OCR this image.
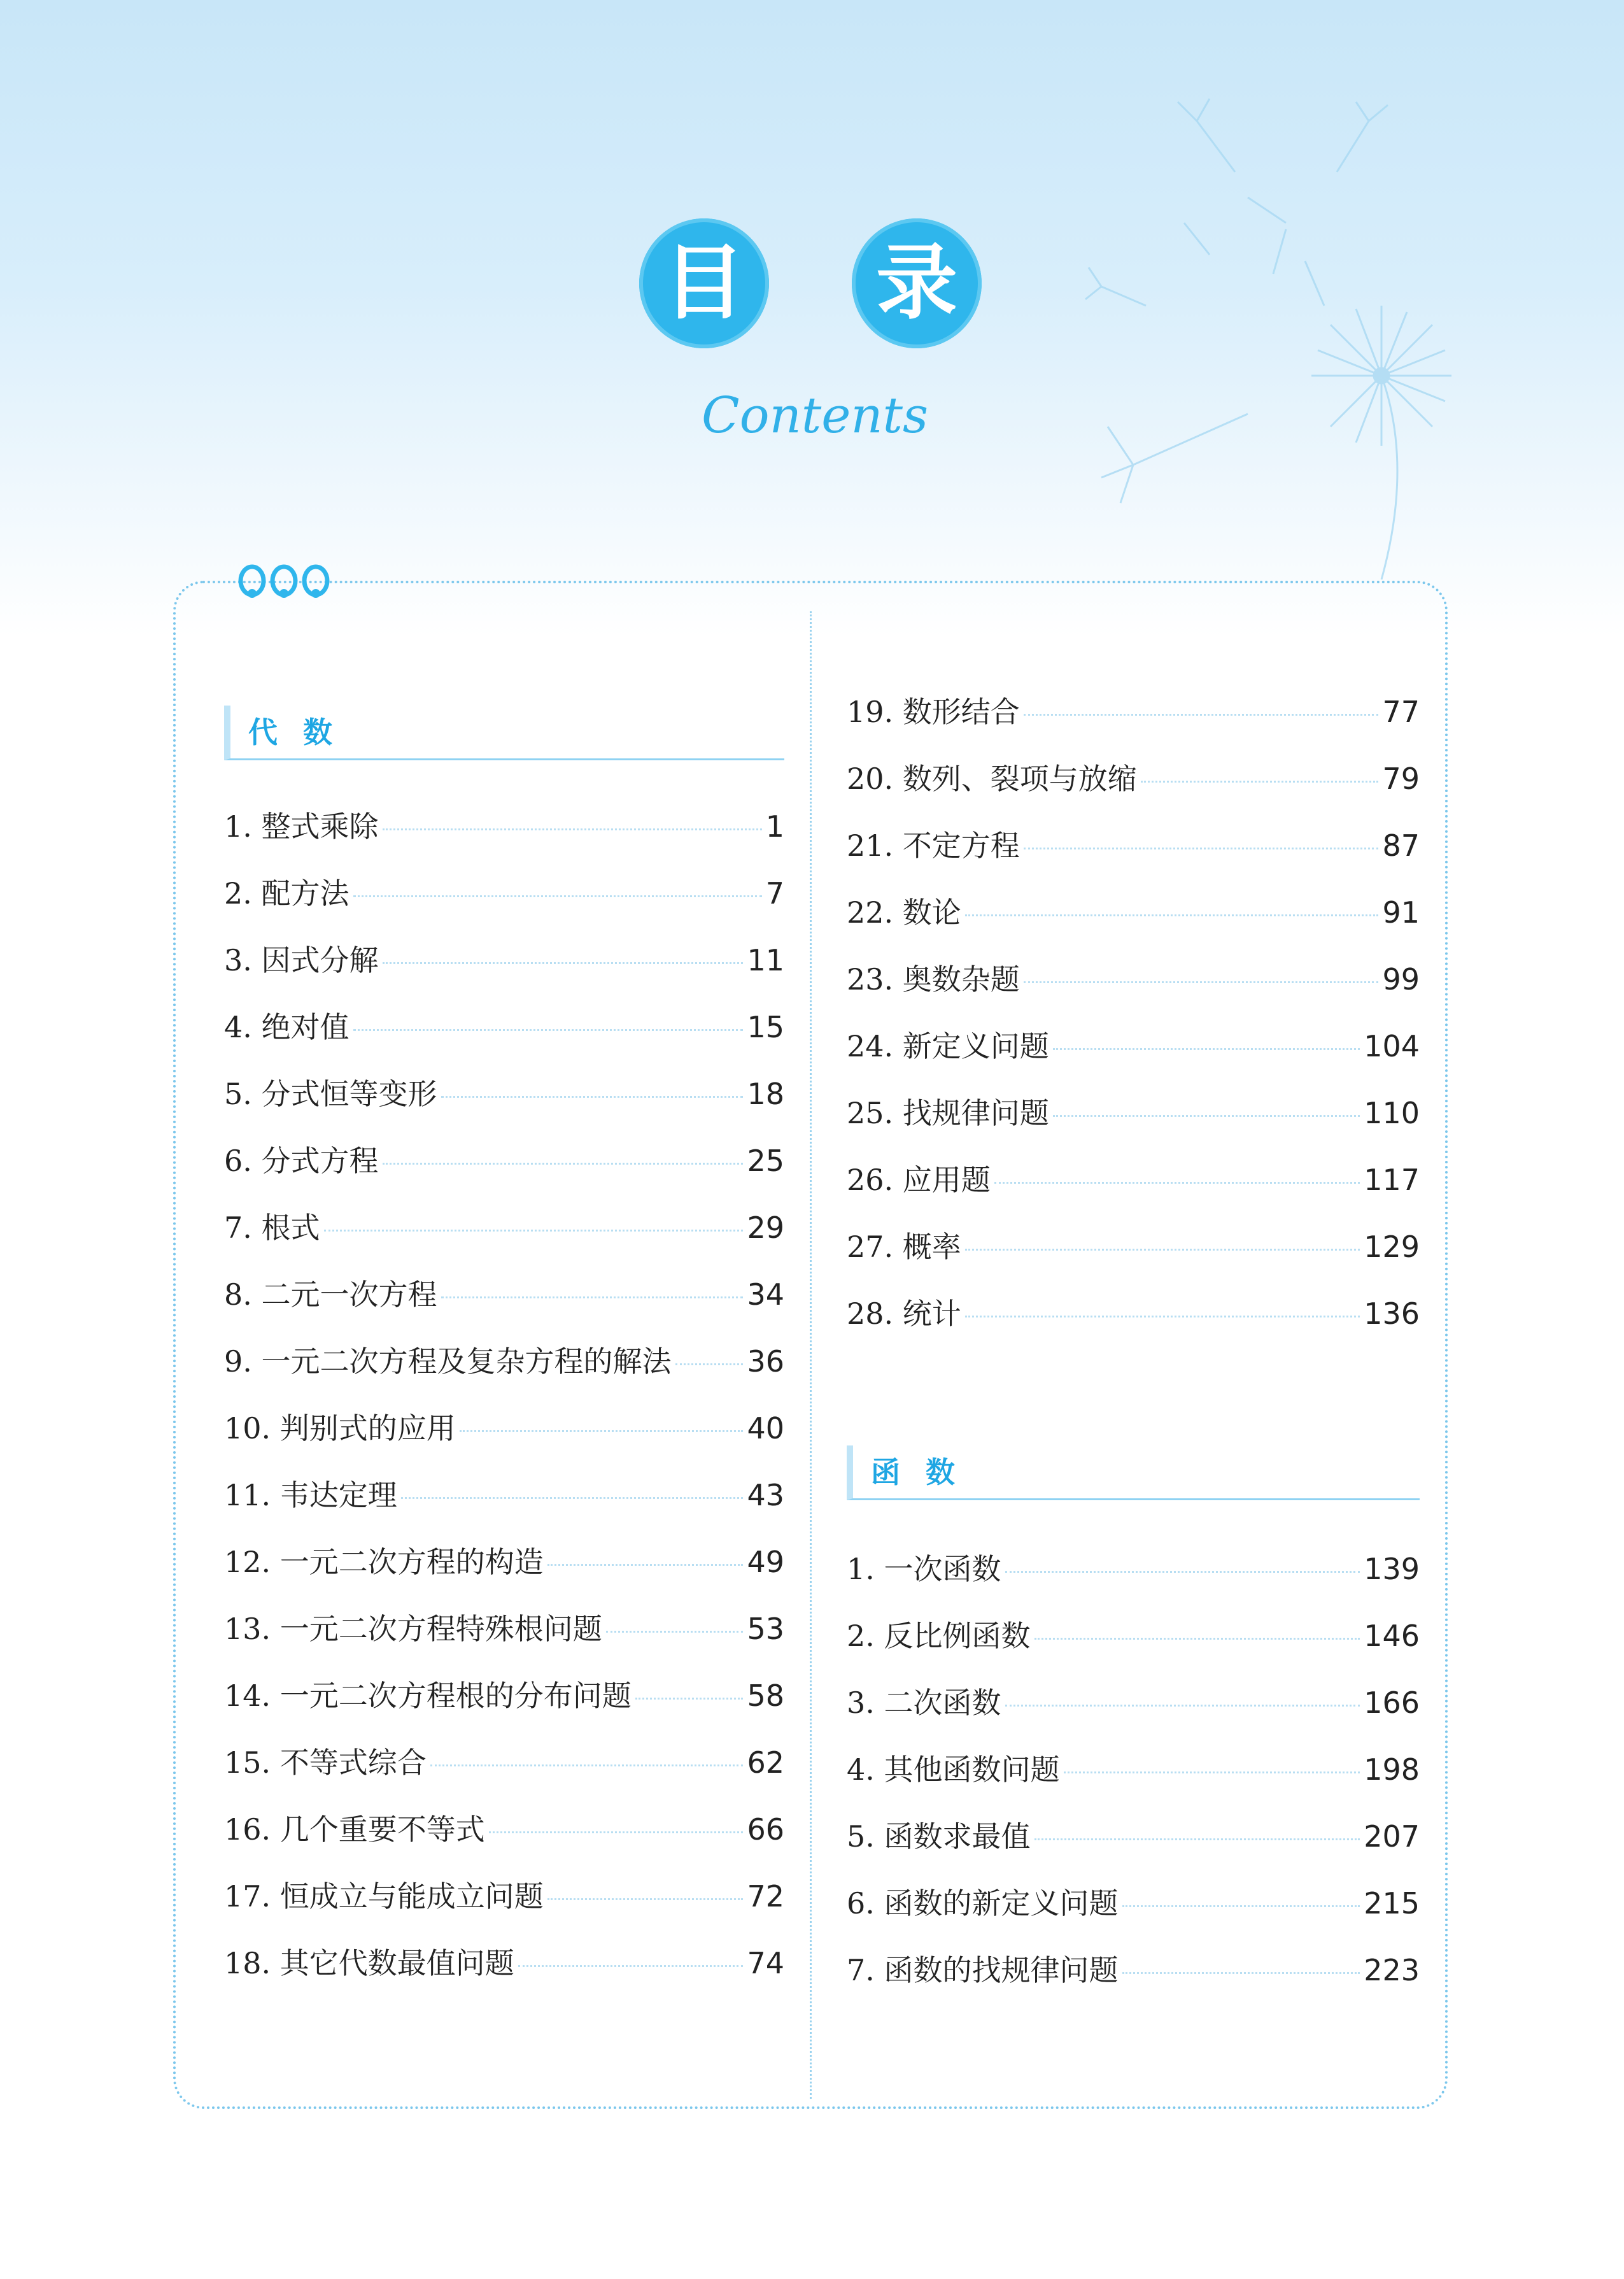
目 录
Contents
代数
1. 整式乘除	1
2. 配方法	7
3. 因式分解	11
4. 绝对值	15
5. 分式恒等变形	18
6. 分式方程	25
7. 根式	29
8. 二元一次方程	34
9. 一元二次方程及复杂方程的解法	36
10. 判别式的应用	40
11. 韦达定理	43
12. 一元二次方程的构造	49
13. 一元二次方程特殊根问题	53
14. 一元二次方程根的分布问题	58
15. 不等式综合	62
16. 几个重要不等式	66
17. 恒成立与能成立问题	72
18. 其它代数最值问题	74
19. 数形结合	77
20. 数列、裂项与放缩	79
21. 不定方程	87
22. 数论	91
23. 奥数杂题	99
24. 新定义问题	104
25. 找规律问题	110
26. 应用题	117
27. 概率	129
28. 统计	136
函数
1. 一次函数	139
2. 反比例函数	146
3. 二次函数	166
4. 其他函数问题	198
5. 函数求最值	207
6. 函数的新定义问题	215
7. 函数的找规律问题	223
